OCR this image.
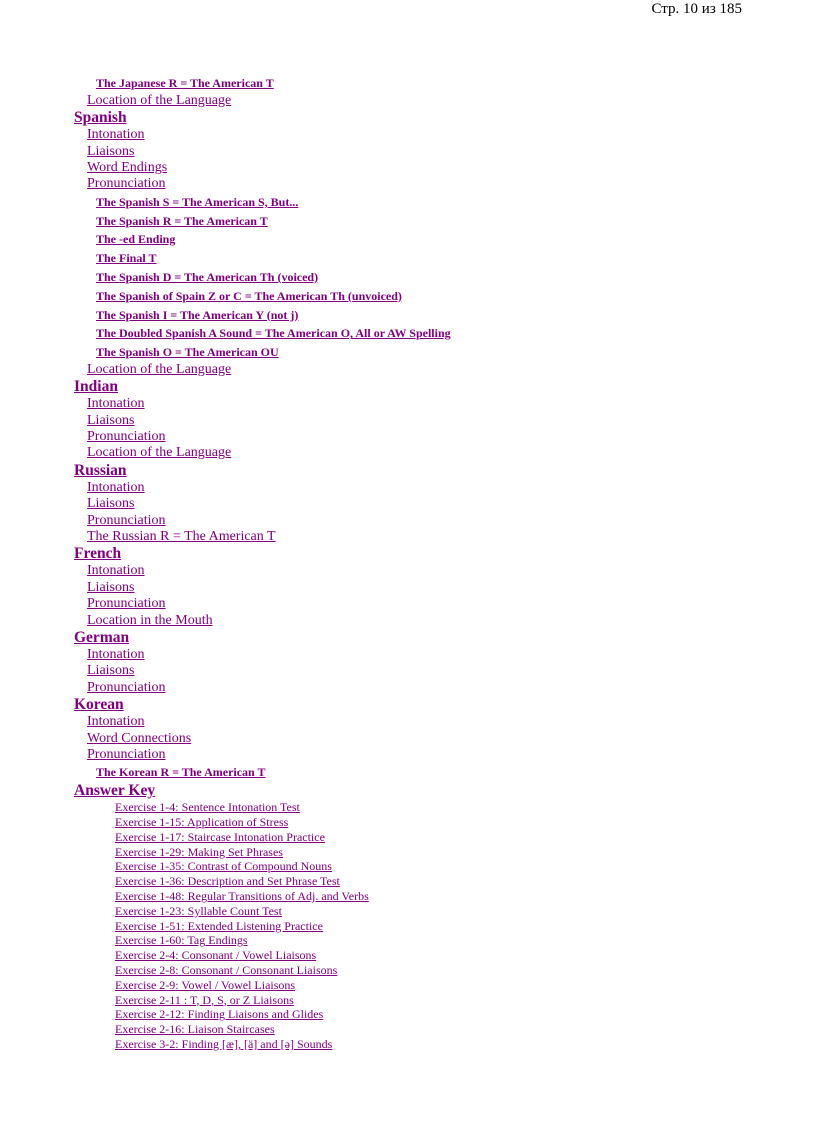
Стр. 10 из 185
The Japanese R = The American T
Location of the Language
Spanish
Intonation
Liaisons
Word Endings
Pronunciation
The Spanish S = The American S, But...
The Spanish R = The American T
The -ed Ending
The Final T
The Spanish D = The American Th (voiced)
The Spanish of Spain Z or C = The American Th (unvoiced)
The Spanish I = The American Y (not j)
The Doubled Spanish A Sound = The American O, All or AW Spelling
The Spanish O = The American OU
Location of the Language
Indian
Intonation
Liaisons
Pronunciation
Location of the Language
Russian
Intonation
Liaisons
Pronunciation
The Russian R = The American T
French
Intonation
Liaisons
Pronunciation
Location in the Mouth
German
Intonation
Liaisons
Pronunciation
Korean
Intonation
Word Connections
Pronunciation
The Korean R = The American T
Answer Key
Exercise 1-4: Sentence Intonation Test
Exercise 1-15: Application of Stress
Exercise 1-17: Staircase Intonation Practice
Exercise 1-29: Making Set Phrases
Exercise 1-35: Contrast of Compound Nouns
Exercise 1-36: Description and Set Phrase Test
Exercise 1-48: Regular Transitions of Adj. and Verbs
Exercise 1-23: Syllable Count Test
Exercise 1-51: Extended Listening Practice
Exercise 1-60: Tag Endings
Exercise 2-4: Consonant / Vowel Liaisons
Exercise 2-8: Consonant / Consonant Liaisons
Exercise 2-9: Vowel / Vowel Liaisons
Exercise 2-11 : T, D, S, or Z Liaisons
Exercise 2-12: Finding Liaisons and Glides
Exercise 2-16: Liaison Staircases
Exercise 3-2: Finding [æ], [ä] and [ə] Sounds
